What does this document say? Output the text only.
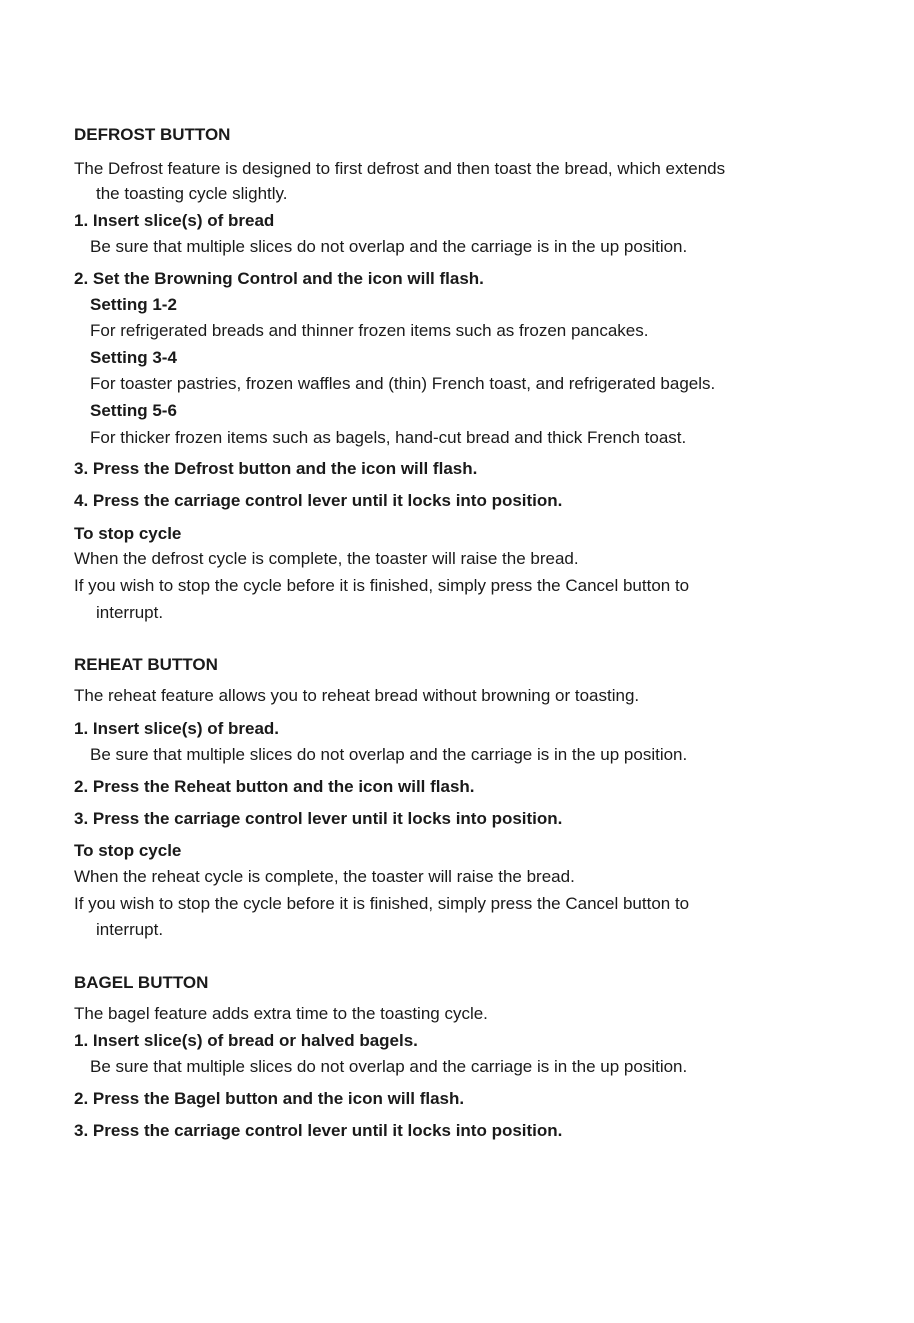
DEFROST BUTTON

The Defrost feature is designed to first defrost and then toast the bread, which extends

the toasting cycle slightly.

1. Insert slice(s) of bread

Be sure that multiple slices do not overlap and the carriage is in the up position.

2. Set the Browning Control and the icon will flash.

Setting 1-2

For refrigerated breads and thinner frozen items such as frozen pancakes.

Setting 3-4

For toaster pastries, frozen waffles and (thin) French toast, and refrigerated bagels.

Setting 5-6

For thicker frozen items such as bagels, hand-cut bread and thick French toast.

3. Press the Defrost button and the icon will flash.

4. Press the carriage control lever until it locks into position.

To stop cycle

When the defrost cycle is complete, the toaster will raise the bread.

If you wish to stop the cycle before it is finished, simply press the Cancel button to

interrupt.

REHEAT BUTTON

The reheat feature allows you to reheat bread without browning or toasting.

1. Insert slice(s) of bread.

Be sure that multiple slices do not overlap and the carriage is in the up position.

2. Press the Reheat button and the icon will flash.

3. Press the carriage control lever until it locks into position.

To stop cycle

When the reheat cycle is complete, the toaster will raise the bread.

If you wish to stop the cycle before it is finished, simply press the Cancel button to

interrupt.

BAGEL BUTTON

The bagel feature adds extra time to the toasting cycle.

1. Insert slice(s) of bread or halved bagels.

Be sure that multiple slices do not overlap and the carriage is in the up position.

2. Press the Bagel button and the icon will flash.

3. Press the carriage control lever until it locks into position.
